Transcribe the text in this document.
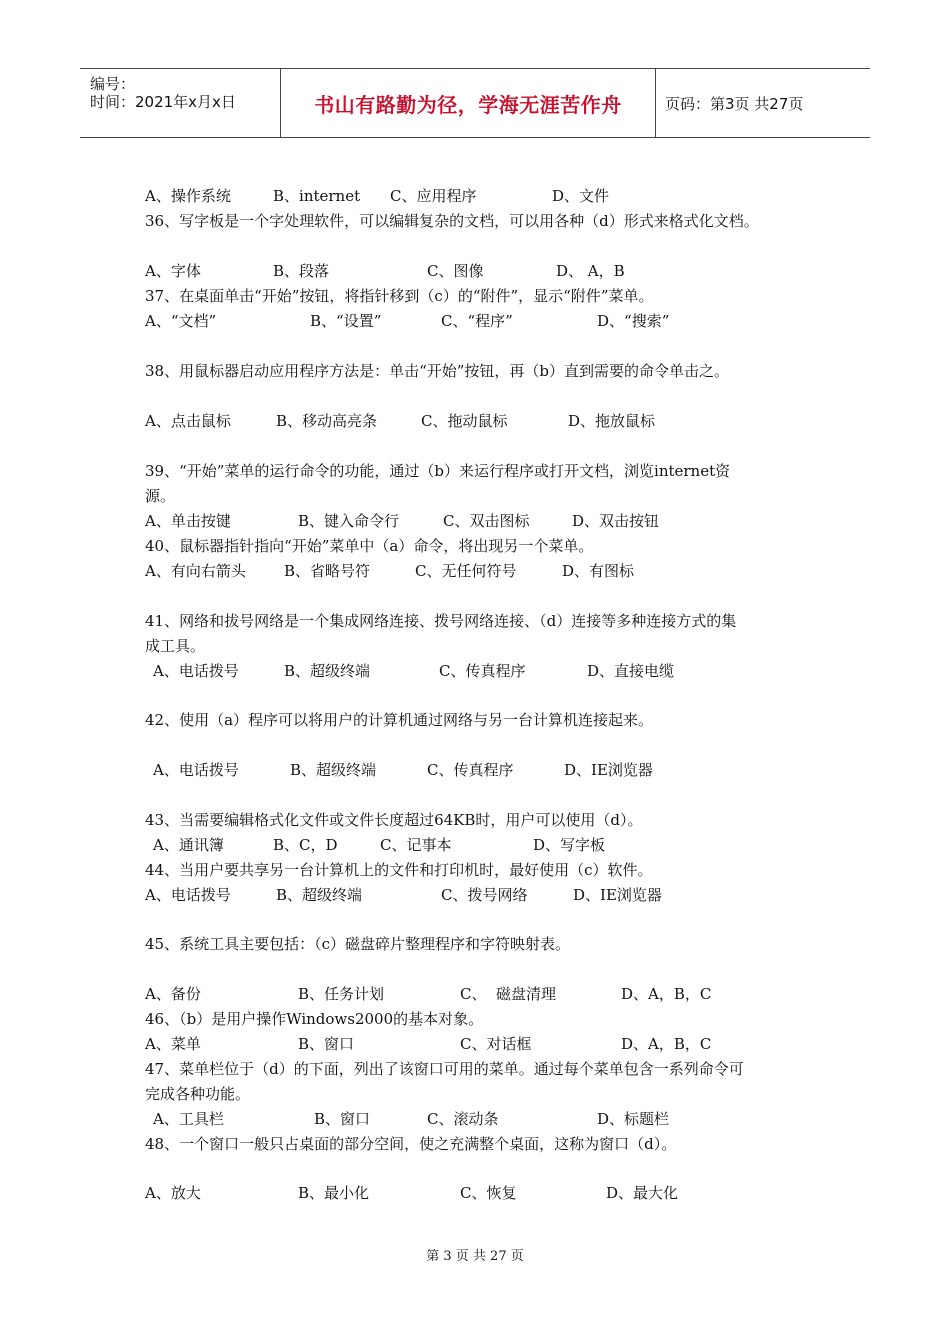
编号：
时间：2021年x月x日	书山有路勤为径，学海无涯苦作舟	页码：第3页 共27页
A、操作系统	B、internet C、应用程序	D、文件
36、写字板是一个字处理软件，可以编辑复杂的文档，可以用各种（d）形式来格式化文档。
A、字体	B、段落	C、图像	D、 A，B
37、在桌面单击“开始”按钮，将指针移到（c）的“附件”，显示“附件”菜单。
A、“文档”	B、“设置”	C、“程序”	D、“搜索”
38、用鼠标器启动应用程序方法是：单击“开始”按钮，再（b）直到需要的命令单击之。
A、点击鼠标	B、移动高亮条	C、拖动鼠标	D、拖放鼠标
39、“开始”菜单的运行命令的功能，通过（b）来运行程序或打开文档，浏览internet资
源。
A、单击按键	B、键入命令行	C、双击图标	D、双击按钮
40、鼠标器指针指向“开始”菜单中（a）命令，将出现另一个菜单。
A、有向右箭头	B、省略号符	C、无任何符号	D、有图标
41、网络和拔号网络是一个集成网络连接、拨号网络连接、（d）连接等多种连接方式的集
成工具。
A、电话拨号	B、超级终端	C、传真程序	D、直接电缆
42、使用（a）程序可以将用户的计算机通过网络与另一台计算机连接起来。
A、电话拨号	B、超级终端	C、传真程序	D、IE浏览器
43、当需要编辑格式化文件或文件长度超过64KB时，用户可以使用（d）。
A、通讯簿	B、C，D	C、记事本	D、写字板
44、当用户要共享另一台计算机上的文件和打印机时，最好使用（c）软件。
A、电话拨号	B、超级终端	C、拨号网络	D、IE浏览器
45、系统工具主要包括：（c）磁盘碎片整理程序和字符映射表。
A、备份	B、任务计划	C、  磁盘清理	D、A，B，C
46、（b）是用户操作Windows2000的基本对象。
A、菜单	B、窗口	C、对话框	D、A，B，C
47、菜单栏位于（d）的下面，列出了该窗口可用的菜单。通过每个菜单包含一系列命令可
完成各种功能。
A、工具栏	B、窗口	C、滚动条	D、标题栏
48、一个窗口一般只占桌面的部分空间，使之充满整个桌面，这称为窗口（d）。
A、放大	B、最小化	C、恢复	D、最大化
第 3 页 共 27 页
